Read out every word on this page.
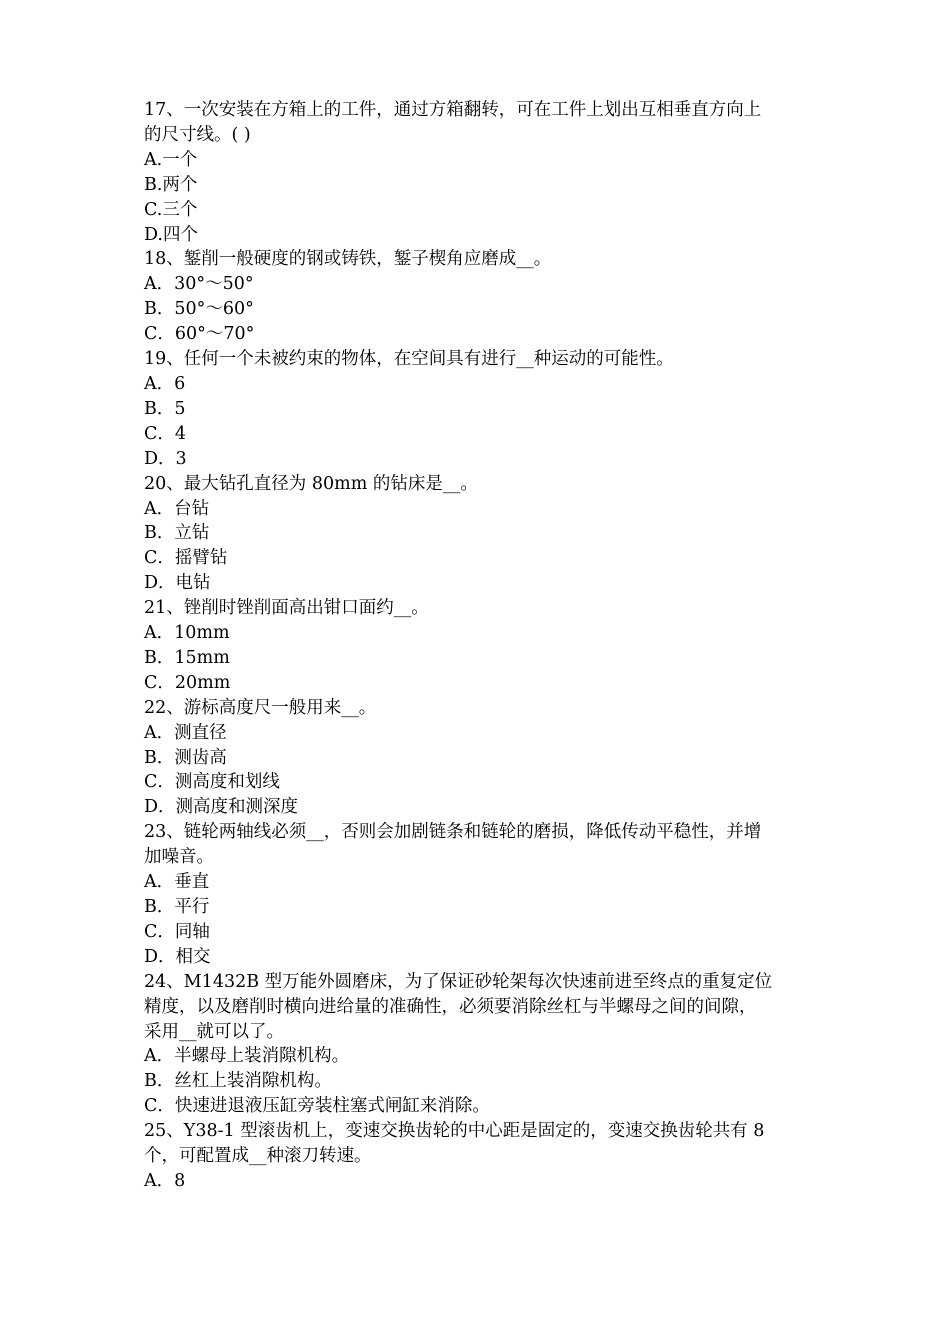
17、一次安装在方箱上的工件，通过方箱翻转，可在工件上划出互相垂直方向上
的尺寸线。( )
A.一个
B.两个
C.三个
D.四个
18、錾削一般硬度的钢或铸铁，錾子楔角应磨成__。
A．30°～50°
B．50°～60°
C．60°～70°
19、任何一个未被约束的物体，在空间具有进行__种运动的可能性。
A．6
B．5
C．4
D．3
20、最大钻孔直径为 80mm 的钻床是__。
A．台钻
B．立钻
C．摇臂钻
D．电钻
21、锉削时锉削面高出钳口面约__。
A．10mm
B．15mm
C．20mm
22、游标高度尺一般用来__。
A．测直径
B．测齿高
C．测高度和划线
D．测高度和测深度
23、链轮两轴线必须__，否则会加剧链条和链轮的磨损，降低传动平稳性，并增
加噪音。
A．垂直
B．平行
C．同轴
D．相交
24、M1432B 型万能外圆磨床，为了保证砂轮架每次快速前进至终点的重复定位
精度，以及磨削时横向进给量的准确性，必须要消除丝杠与半螺母之间的间隙，
采用__就可以了。
A．半螺母上装消隙机构。
B．丝杠上装消隙机构。
C．快速进退液压缸旁装柱塞式闸缸来消除。
25、Y38-1 型滚齿机上，变速交换齿轮的中心距是固定的，变速交换齿轮共有 8
个，可配置成__种滚刀转速。
A．8
